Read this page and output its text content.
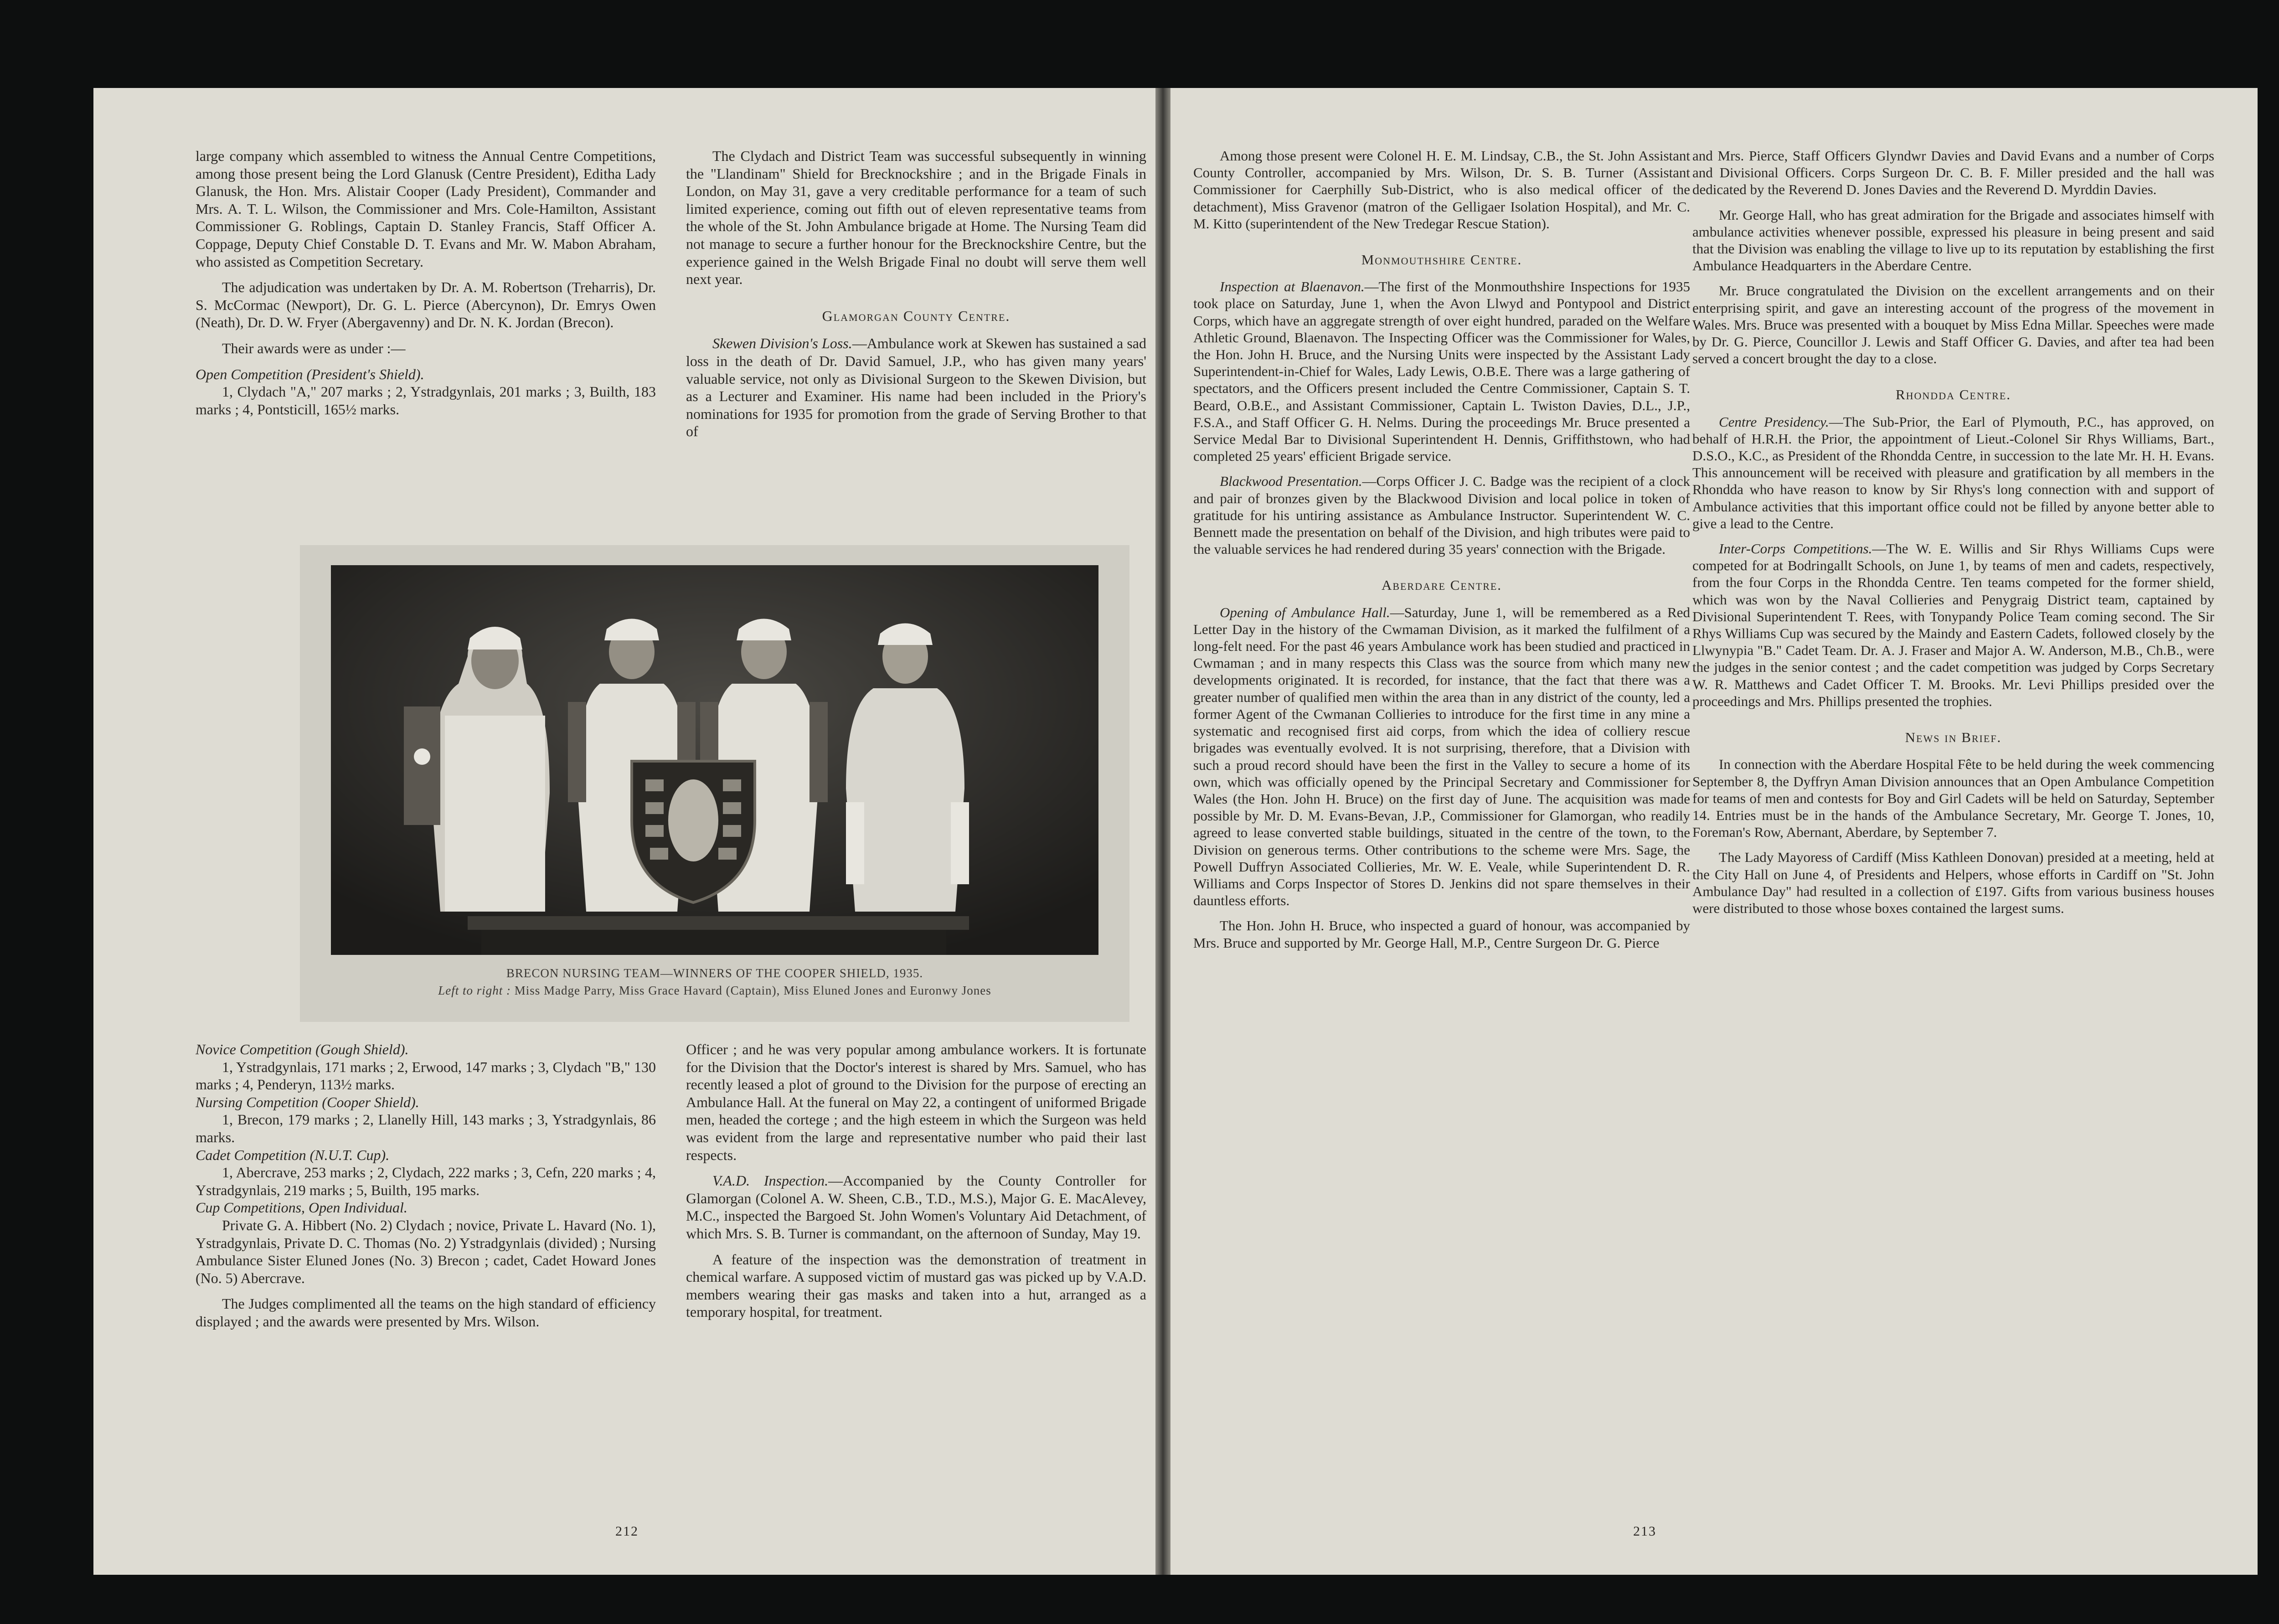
large company which assembled to witness the Annual Centre Competitions, among those present being the Lord Glanusk (Centre President), Editha Lady Glanusk, the Hon. Mrs. Alistair Cooper (Lady President), Commander and Mrs. A. T. L. Wilson, the Commissioner and Mrs. Cole-Hamilton, Assistant Commissioner G. Roblings, Captain D. Stanley Francis, Staff Officer A. Coppage, Deputy Chief Constable D. T. Evans and Mr. W. Mabon Abraham, who assisted as Competition Secretary.

The adjudication was undertaken by Dr. A. M. Robertson (Treharris), Dr. S. McCormac (Newport), Dr. G. L. Pierce (Abercynon), Dr. Emrys Owen (Neath), Dr. D. W. Fryer (Abergavenny) and Dr. N. K. Jordan (Brecon).

Their awards were as under :—

Open Competition (President's Shield).

1, Clydach "A," 207 marks ; 2, Ystradgynlais, 201 marks ; 3, Builth, 183 marks ; 4, Pontsticill, 165½ marks.

The Clydach and District Team was successful subsequently in winning the "Llandinam" Shield for Brecknockshire ; and in the Brigade Finals in London, on May 31, gave a very creditable performance for a team of such limited experience, coming out fifth out of eleven representative teams from the whole of the St. John Ambulance brigade at Home. The Nursing Team did not manage to secure a further honour for the Brecknockshire Centre, but the experience gained in the Welsh Brigade Final no doubt will serve them well next year.

Glamorgan County Centre.

Skewen Division's Loss.—Ambulance work at Skewen has sustained a sad loss in the death of Dr. David Samuel, J.P., who has given many years' valuable service, not only as Divisional Surgeon to the Skewen Division, but as a Lecturer and Examiner. His name had been included in the Priory's nominations for 1935 for promotion from the grade of Serving Brother to that of

BRECON NURSING TEAM—WINNERS OF THE COOPER SHIELD, 1935.
Left to right : Miss Madge Parry, Miss Grace Havard (Captain), Miss Eluned Jones and Euronwy Jones

Novice Competition (Gough Shield).

1, Ystradgynlais, 171 marks ; 2, Erwood, 147 marks ; 3, Clydach "B," 130 marks ; 4, Penderyn, 113½ marks.

Nursing Competition (Cooper Shield).

1, Brecon, 179 marks ; 2, Llanelly Hill, 143 marks ; 3, Ystradgynlais, 86 marks.

Cadet Competition (N.U.T. Cup).

1, Abercrave, 253 marks ; 2, Clydach, 222 marks ; 3, Cefn, 220 marks ; 4, Ystradgynlais, 219 marks ; 5, Builth, 195 marks.

Cup Competitions, Open Individual.

Private G. A. Hibbert (No. 2) Clydach ; novice, Private L. Havard (No. 1), Ystradgynlais, Private D. C. Thomas (No. 2) Ystradgynlais (divided) ; Nursing Ambulance Sister Eluned Jones (No. 3) Brecon ; cadet, Cadet Howard Jones (No. 5) Abercrave.

The Judges complimented all the teams on the high standard of efficiency displayed ; and the awards were presented by Mrs. Wilson.

Officer ; and he was very popular among ambulance workers. It is fortunate for the Division that the Doctor's interest is shared by Mrs. Samuel, who has recently leased a plot of ground to the Division for the purpose of erecting an Ambulance Hall. At the funeral on May 22, a contingent of uniformed Brigade men, headed the cortege ; and the high esteem in which the Surgeon was held was evident from the large and representative number who paid their last respects.

V.A.D. Inspection.—Accompanied by the County Controller for Glamorgan (Colonel A. W. Sheen, C.B., T.D., M.S.), Major G. E. MacAlevey, M.C., inspected the Bargoed St. John Women's Voluntary Aid Detachment, of which Mrs. S. B. Turner is commandant, on the afternoon of Sunday, May 19.

A feature of the inspection was the demonstration of treatment in chemical warfare. A supposed victim of mustard gas was picked up by V.A.D. members wearing their gas masks and taken into a hut, arranged as a temporary hospital, for treatment.

212

Among those present were Colonel H. E. M. Lindsay, C.B., the St. John Assistant County Controller, accompanied by Mrs. Wilson, Dr. S. B. Turner (Assistant Commissioner for Caerphilly Sub-District, who is also medical officer of the detachment), Miss Gravenor (matron of the Gelligaer Isolation Hospital), and Mr. C. M. Kitto (superintendent of the New Tredegar Rescue Station).

Monmouthshire Centre.

Inspection at Blaenavon.—The first of the Monmouthshire Inspections for 1935 took place on Saturday, June 1, when the Avon Llwyd and Pontypool and District Corps, which have an aggregate strength of over eight hundred, paraded on the Welfare Athletic Ground, Blaenavon. The Inspecting Officer was the Commissioner for Wales, the Hon. John H. Bruce, and the Nursing Units were inspected by the Assistant Lady Superintendent-in-Chief for Wales, Lady Lewis, O.B.E. There was a large gathering of spectators, and the Officers present included the Centre Commissioner, Captain S. T. Beard, O.B.E., and Assistant Commissioner, Captain L. Twiston Davies, D.L., J.P., F.S.A., and Staff Officer G. H. Nelms. During the proceedings Mr. Bruce presented a Service Medal Bar to Divisional Superintendent H. Dennis, Griffithstown, who had completed 25 years' efficient Brigade service.

Blackwood Presentation.—Corps Officer J. C. Badge was the recipient of a clock and pair of bronzes given by the Blackwood Division and local police in token of gratitude for his untiring assistance as Ambulance Instructor. Superintendent W. C. Bennett made the presentation on behalf of the Division, and high tributes were paid to the valuable services he had rendered during 35 years' connection with the Brigade.

Aberdare Centre.

Opening of Ambulance Hall.—Saturday, June 1, will be remembered as a Red Letter Day in the history of the Cwmaman Division, as it marked the fulfilment of a long-felt need. For the past 46 years Ambulance work has been studied and practiced in Cwmaman ; and in many respects this Class was the source from which many new developments originated. It is recorded, for instance, that the fact that there was a greater number of qualified men within the area than in any district of the county, led a former Agent of the Cwmanan Collieries to introduce for the first time in any mine a systematic and recognised first aid corps, from which the idea of colliery rescue brigades was eventually evolved. It is not surprising, therefore, that a Division with such a proud record should have been the first in the Valley to secure a home of its own, which was officially opened by the Principal Secretary and Commissioner for Wales (the Hon. John H. Bruce) on the first day of June. The acquisition was made possible by Mr. D. M. Evans-Bevan, J.P., Commissioner for Glamorgan, who readily agreed to lease converted stable buildings, situated in the centre of the town, to the Division on generous terms. Other contributions to the scheme were Mrs. Sage, the Powell Duffryn Associated Collieries, Mr. W. E. Veale, while Superintendent D. R. Williams and Corps Inspector of Stores D. Jenkins did not spare themselves in their dauntless efforts.

The Hon. John H. Bruce, who inspected a guard of honour, was accompanied by Mrs. Bruce and supported by Mr. George Hall, M.P., Centre Surgeon Dr. G. Pierce

and Mrs. Pierce, Staff Officers Glyndwr Davies and David Evans and a number of Corps and Divisional Officers. Corps Surgeon Dr. C. B. F. Miller presided and the hall was dedicated by the Reverend D. Jones Davies and the Reverend D. Myrddin Davies.

Mr. George Hall, who has great admiration for the Brigade and associates himself with ambulance activities whenever possible, expressed his pleasure in being present and said that the Division was enabling the village to live up to its reputation by establishing the first Ambulance Headquarters in the Aberdare Centre.

Mr. Bruce congratulated the Division on the excellent arrangements and on their enterprising spirit, and gave an interesting account of the progress of the movement in Wales. Mrs. Bruce was presented with a bouquet by Miss Edna Millar. Speeches were made by Dr. G. Pierce, Councillor J. Lewis and Staff Officer G. Davies, and after tea had been served a concert brought the day to a close.

Rhondda Centre.

Centre Presidency.—The Sub-Prior, the Earl of Plymouth, P.C., has approved, on behalf of H.R.H. the Prior, the appointment of Lieut.-Colonel Sir Rhys Williams, Bart., D.S.O., K.C., as President of the Rhondda Centre, in succession to the late Mr. H. H. Evans. This announcement will be received with pleasure and gratification by all members in the Rhondda who have reason to know by Sir Rhys's long connection with and support of Ambulance activities that this important office could not be filled by anyone better able to give a lead to the Centre.

Inter-Corps Competitions.—The W. E. Willis and Sir Rhys Williams Cups were competed for at Bodringallt Schools, on June 1, by teams of men and cadets, respectively, from the four Corps in the Rhondda Centre. Ten teams competed for the former shield, which was won by the Naval Collieries and Penygraig District team, captained by Divisional Superintendent T. Rees, with Tonypandy Police Team coming second. The Sir Rhys Williams Cup was secured by the Maindy and Eastern Cadets, followed closely by the Llwynypia "B." Cadet Team. Dr. A. J. Fraser and Major A. W. Anderson, M.B., Ch.B., were the judges in the senior contest ; and the cadet competition was judged by Corps Secretary W. R. Matthews and Cadet Officer T. M. Brooks. Mr. Levi Phillips presided over the proceedings and Mrs. Phillips presented the trophies.

News in Brief.

In connection with the Aberdare Hospital Fête to be held during the week commencing September 8, the Dyffryn Aman Division announces that an Open Ambulance Competition for teams of men and contests for Boy and Girl Cadets will be held on Saturday, September 14. Entries must be in the hands of the Ambulance Secretary, Mr. George T. Jones, 10, Foreman's Row, Abernant, Aberdare, by September 7.

The Lady Mayoress of Cardiff (Miss Kathleen Donovan) presided at a meeting, held at the City Hall on June 4, of Presidents and Helpers, whose efforts in Cardiff on "St. John Ambulance Day" had resulted in a collection of £197. Gifts from various business houses were distributed to those whose boxes contained the largest sums.

213
